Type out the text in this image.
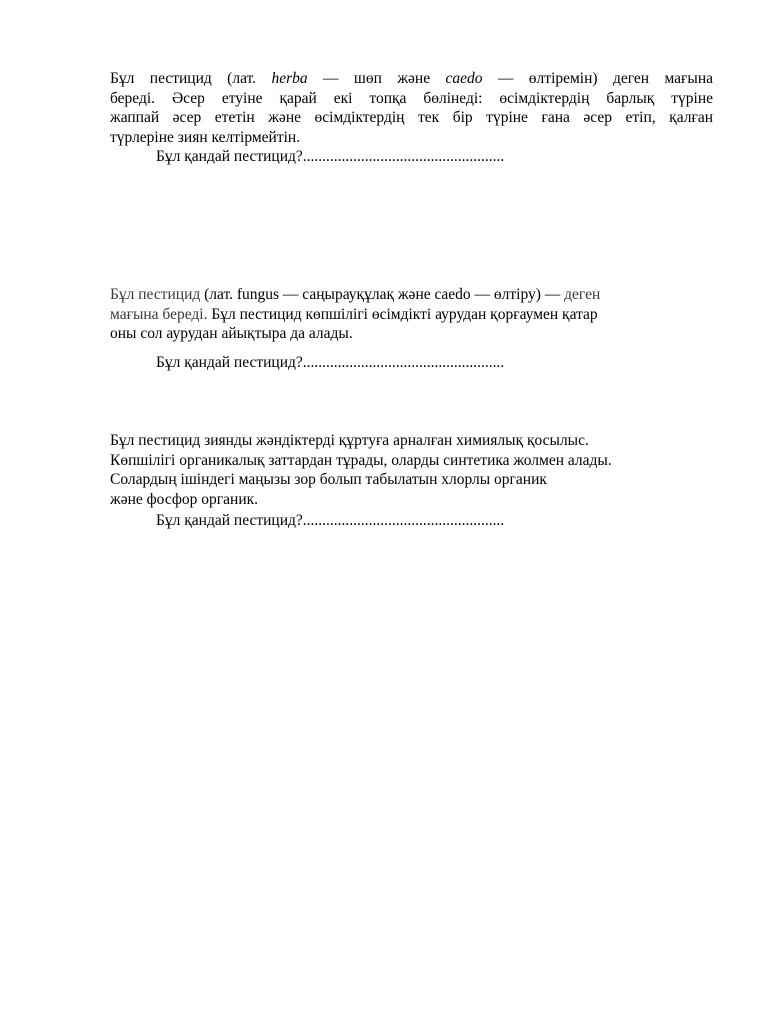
Бұл пестицид (лат. herba — шөп және caedo — өлтіремін) деген мағына
береді. Әсер етуіне қарай екі топқа бөлінеді: өсімдіктердің барлық түріне
жаппай әсер ететін және өсімдіктердің тек бір түріне ғана әсер етіп, қалған
түрлеріне зиян келтірмейтін.

Бұл қандай пестицид?....................................................

Бұл пестицид (лат. fungus — саңырауқұлақ және caedo — өлтіру) — деген
мағына береді. Бұл пестицид көпшілігі өсімдікті аурудан қорғаумен қатар
оны сол аурудан айықтыра да алады.

Бұл қандай пестицид?....................................................

Бұл пестицид зиянды жәндіктерді құртуға арналған химиялық қосылыс.
Көпшілігі органикалық заттардан тұрады, оларды синтетика жолмен алады.
Солардың ішіндегі маңызы зор болып табылатын хлорлы органик
және фосфор органик.

Бұл қандай пестицид?....................................................
